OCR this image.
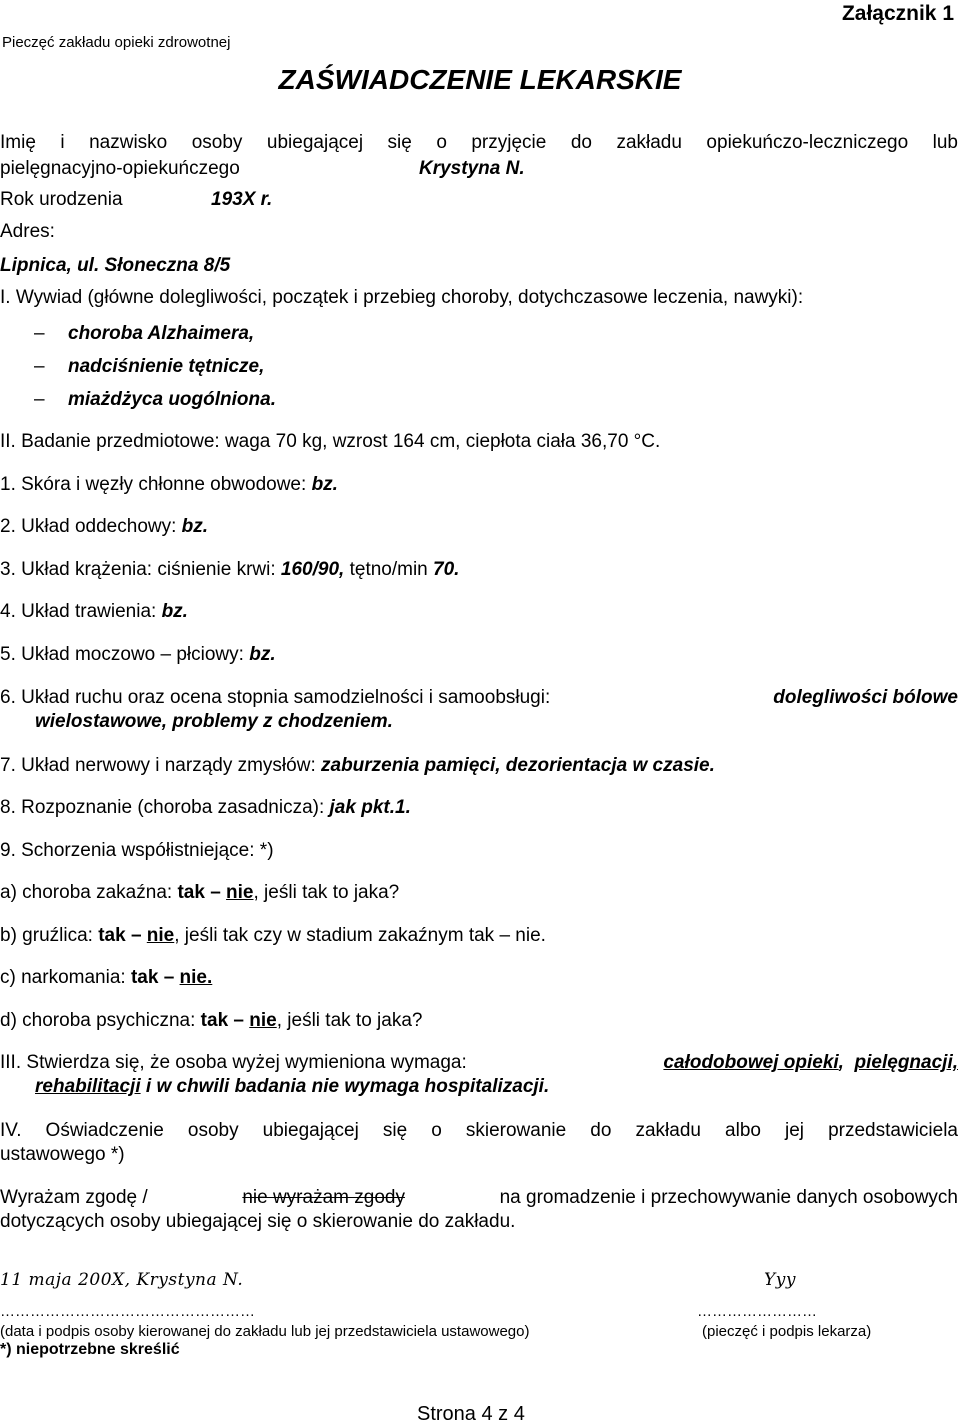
Pieczęć zakładu opieki zdrowotnej
Załącznik 1
ZAŚWIADCZENIE LEKARSKIE
Imię i nazwisko osoby ubiegającej się o przyjęcie do zakładu opiekuńczo-leczniczego lub
pielęgnacyjno-opiekuńczego	Krystyna N.
Rok urodzenia	193X r.
Adres:
Lipnica, ul. Słoneczna 8/5
I. Wywiad (główne dolegliwości, początek i przebieg choroby, dotychczasowe leczenia, nawyki):
– choroba Alzhaimera,
– nadciśnienie tętnicze,
– miażdżyca uogólniona.
II. Badanie przedmiotowe: waga 70 kg, wzrost 164 cm, ciepłota ciała 36,70 °C.
1. Skóra i węzły chłonne obwodowe: bz.
2. Układ oddechowy: bz.
3. Układ krążenia: ciśnienie krwi: 160/90, tętno/min 70.
4. Układ trawienia: bz.
5. Układ moczowo – płciowy: bz.
6. Układ ruchu oraz ocena stopnia samodzielności i samoobsługi:	dolegliwości bólowe
wielostawowe, problemy z chodzeniem.
7. Układ nerwowy i narządy zmysłów: zaburzenia pamięci, dezorientacja w czasie.
8. Rozpoznanie (choroba zasadnicza): jak pkt.1.
9. Schorzenia współistniejące: *)
a) choroba zakaźna: tak – nie, jeśli tak to jaka?
b) gruźlica: tak – nie, jeśli tak czy w stadium zakaźnym tak – nie.
c) narkomania: tak – nie.
d) choroba psychiczna: tak – nie, jeśli tak to jaka?
III. Stwierdza się, że osoba wyżej wymieniona wymaga:	całodobowej opieki, pielęgnacji,
rehabilitacji i w chwili badania nie wymaga hospitalizacji.
IV. Oświadczenie osoby ubiegającej się o skierowanie do zakładu albo jej przedstawiciela
ustawowego *)
Wyrażam zgodę /	nie wyrażam zgody	na gromadzenie i przechowywanie danych osobowych
dotyczących osoby ubiegającej się o skierowanie do zakładu.
11 maja 200X, Krystyna N.	Yyy
……………………………………………	……………………
(data i podpis osoby kierowanej do zakładu lub jej przedstawiciela ustawowego)	(pieczęć i podpis lekarza)
*) niepotrzebne skreślić
Strona 4 z 4
